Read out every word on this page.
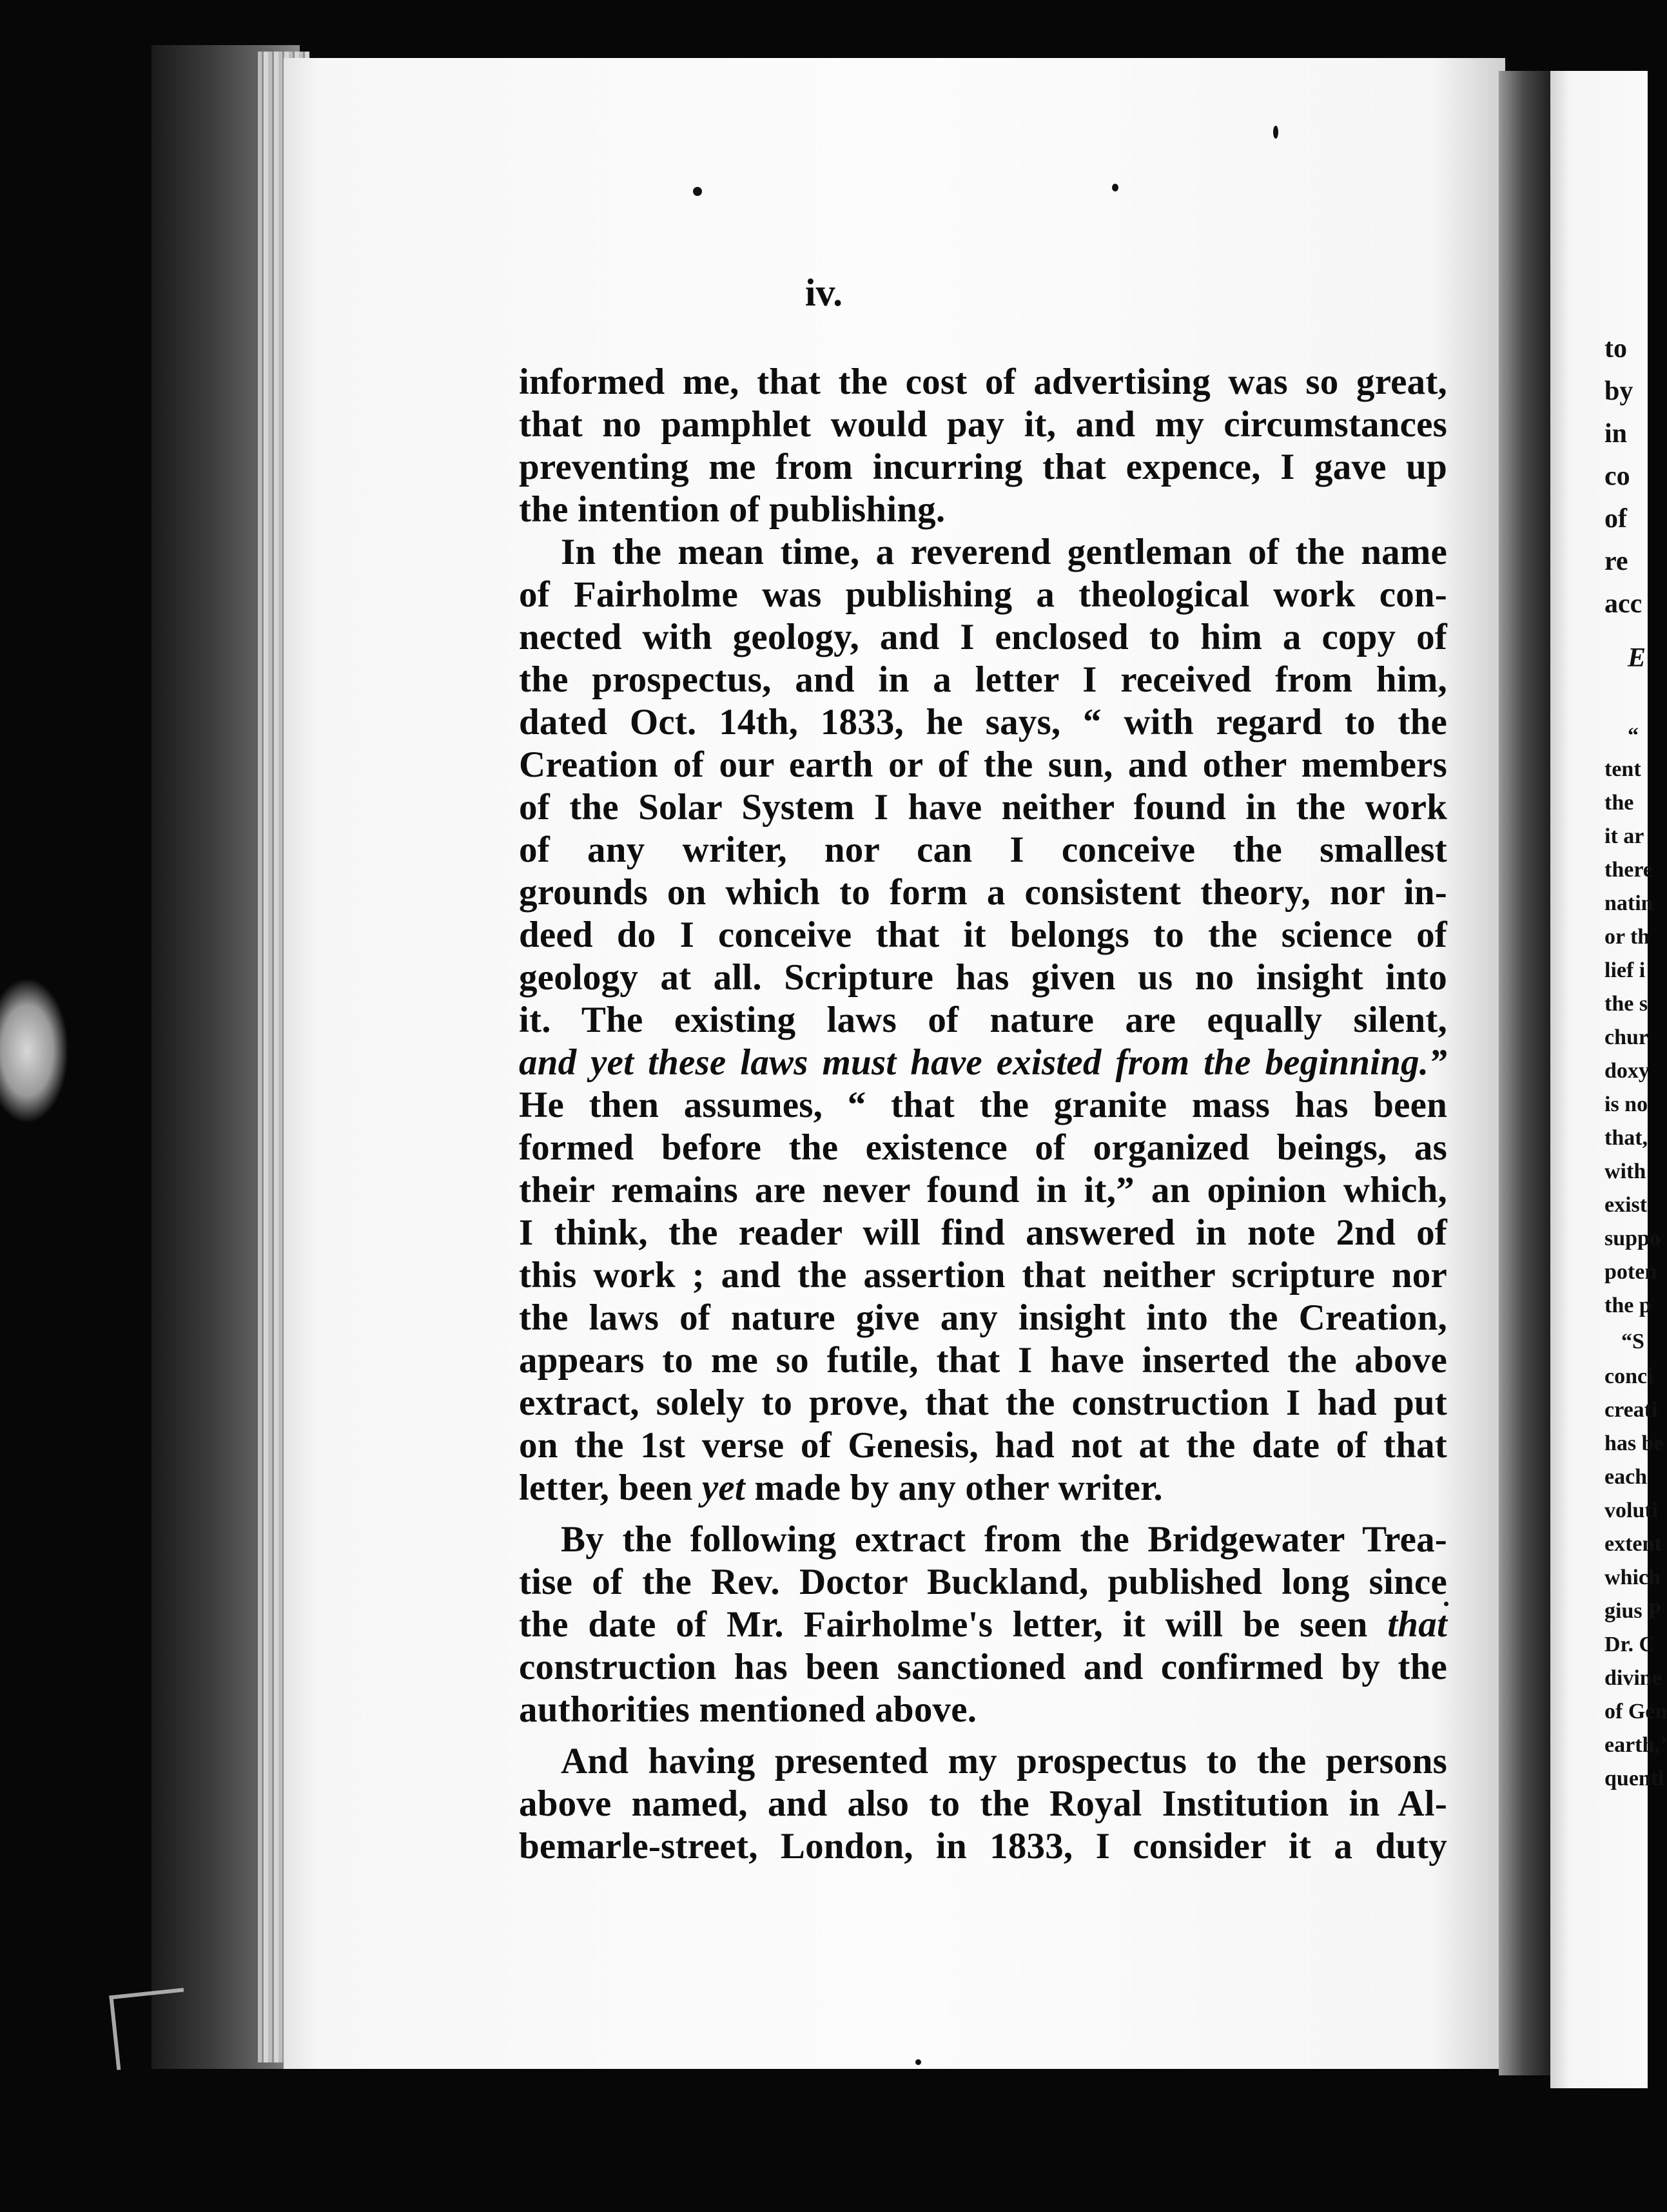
iv.
informed me, that the cost of advertising was so great,
that no pamphlet would pay it, and my circumstances
preventing me from incurring that expence, I gave up
the intention of publishing.
In the mean time, a reverend gentleman of the name
of Fairholme was publishing a theological work con-
nected with geology, and I enclosed to him a copy of
the prospectus, and in a letter I received from him,
dated Oct. 14th, 1833, he says, “ with regard to the
Creation of our earth or of the sun, and other members
of the Solar System I have neither found in the work
of any writer, nor can I conceive the smallest
grounds on which to form a consistent theory, nor in-
deed do I conceive that it belongs to the science of
geology at all. Scripture has given us no insight into
it. The existing laws of nature are equally silent,
and yet these laws must have existed from the beginning.”
He then assumes, “ that the granite mass has been
formed before the existence of organized beings, as
their remains are never found in it,” an opinion which,
I think, the reader will find answered in note 2nd of
this work ; and the assertion that neither scripture nor
the laws of nature give any insight into the Creation,
appears to me so futile, that I have inserted the above
extract, solely to prove, that the construction I had put
on the 1st verse of Genesis, had not at the date of that
letter, been yet made by any other writer.
By the following extract from the Bridgewater Trea-
tise of the Rev. Doctor Buckland, published long since
the date of Mr. Fairholme's letter, it will be seen that
construction has been sanctioned and confirmed by the
authorities mentioned above.
And having presented my prospectus to the persons
above named, and also to the Royal Institution in Al-
bemarle-street, London, in 1833, I consider it a duty
to
by
in
co
of
re
acc
E
“
tent
the
it ar
there
natin
or th
lief i
the s
chur
doxy
is no
that,
with
exist
suppo
poten
the p
“S
conci
creati
has be
each
voluti
extent
which
gius P
Dr. C
divine
of Gen
earth,’
quentl
